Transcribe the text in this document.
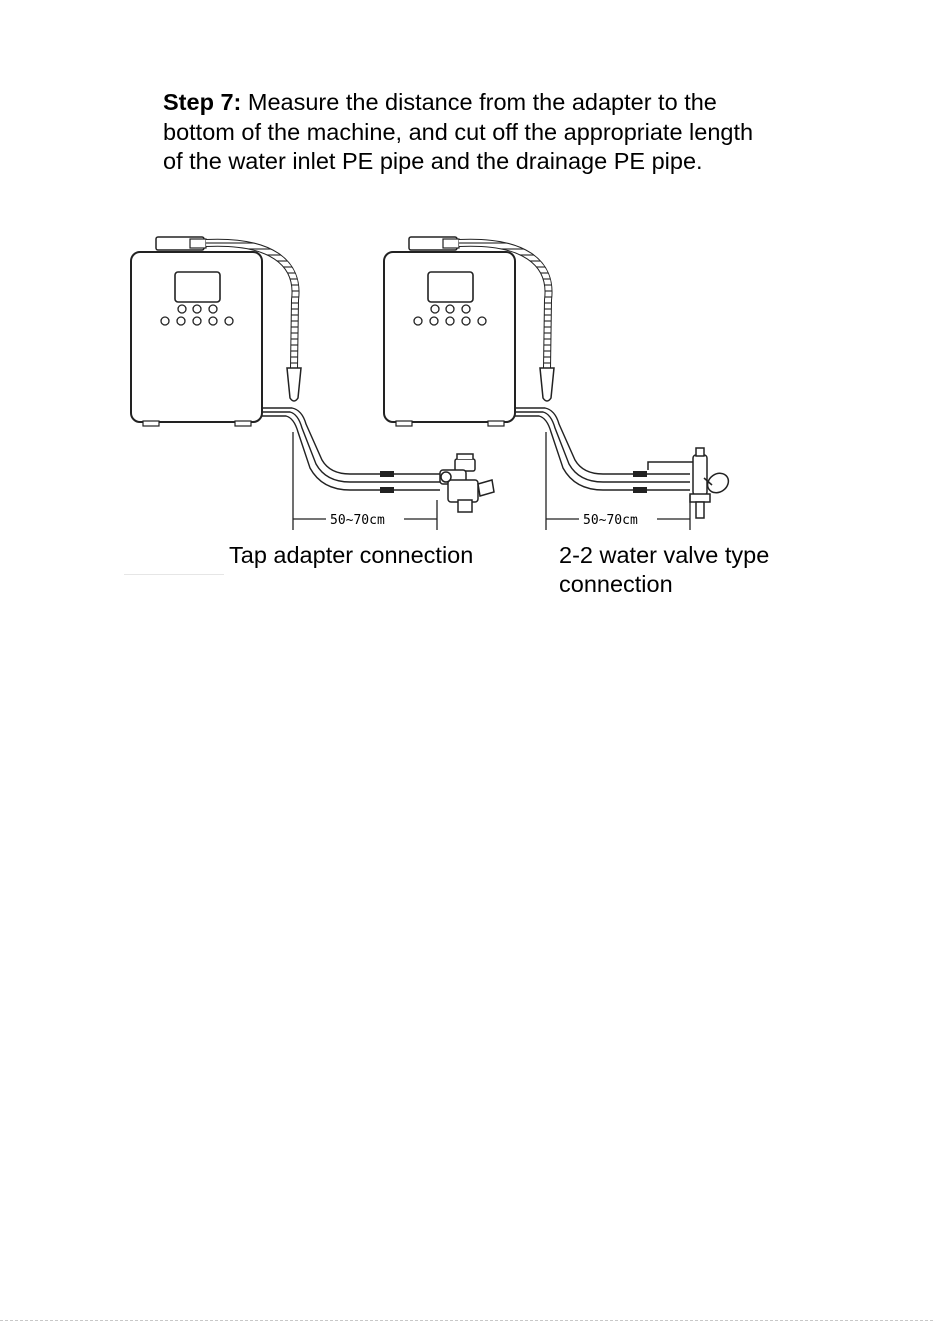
Step 7: Measure the distance from the adapter to the bottom of the machine, and cut off the appropriate length of the water inlet PE pipe and the drainage PE pipe.

50~70cm	50~70cm

Tap adapter connection	2-2 water valve type connection
